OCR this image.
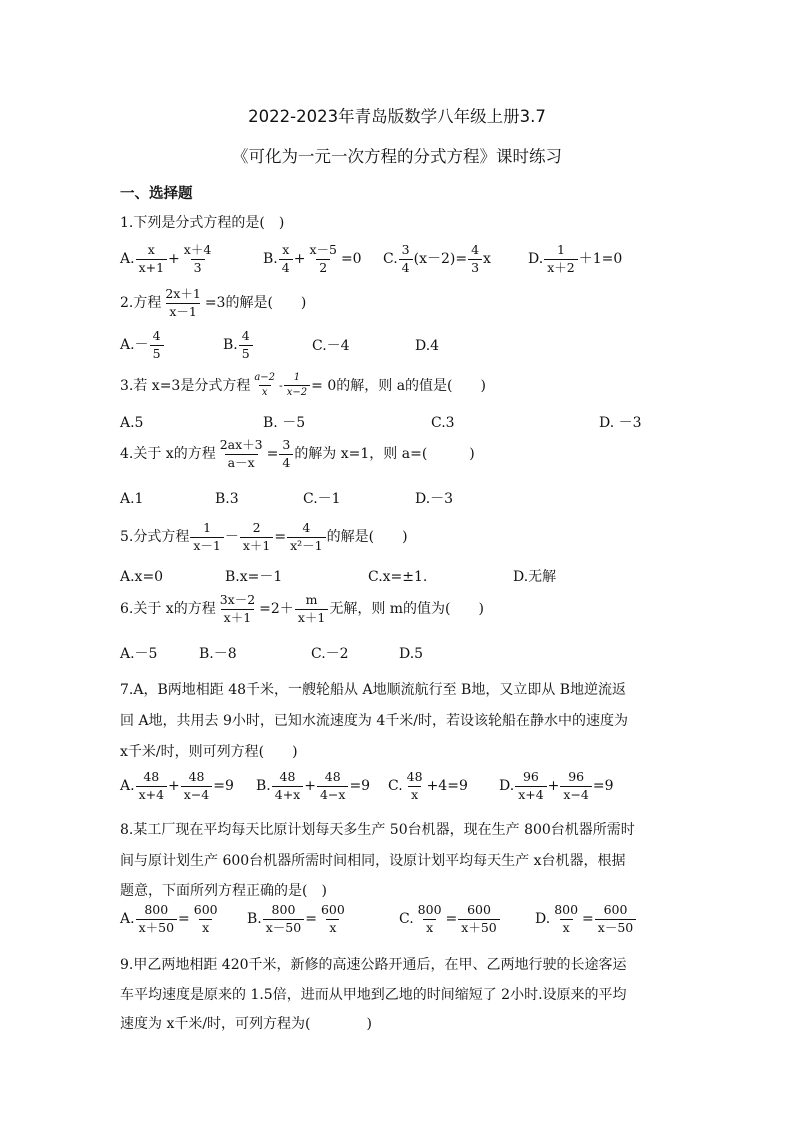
2022-2023年青岛版数学八年级上册3.7
《可化为一元一次方程的分式方程》课时练习
一、选择题
1.下列是分式方程的是(　)
A. $\frac{x}{x+1} + \frac{x+4}{3}$	B. $\frac{x}{4} + \frac{x-5}{2} =0$ C. $\frac{3}{4} (x-2)= \frac{4}{3}$ x	D. $\frac{1}{x+2} +1=0$
2.方程 $\frac{2x+1}{x-1} =3$的解是(　　)
$A.- \frac{4}{5}$	B. $\frac{4}{5}$	C.－4	D.4
3.若 x=3是分式方程 $\frac{a-2}{x} - \frac{1}{x-2} = 0$的解，则 a的值是(　　)
A.5	B. －5	C.3	D. －3
4.关于 x的方程 $\frac{2ax+3}{a-x} = \frac{3}{4}$ 的解为 x=1，则 a=(　　　)
A.1	B.3	C.－1	D.－3
5.分式方程 $\frac{1}{x-1} - \frac{2}{x+1} = \frac{4}{\text{x²－1}}$ 的解是(　　)
A.x=0	B.x=－1	C.x=±1.	D.无解
6.关于 x的方程 $\frac{3x-2}{x+1} =2+ \frac{m}{x+1}$ 无解，则 m的值为(　　)
A.－5	B.－8	C.－2	D.5
7.A，B两地相距 48千米，一艘轮船从 A地顺流航行至 B地，又立即从 B地逆流返
回 A地，共用去 9小时，已知水流速度为 4千米/时，若设该轮船在静水中的速度为
x千米/时，则可列方程(　　)
A. $\frac{48}{x+4} + \frac{48}{x-4} =9$ B. $\frac{48}{4+x} + \frac{48}{4-x} =9$ C. $\frac{48}{x} +4=9$ D. $\frac{96}{x+4} + \frac{96}{x-4} =9$
8.某工厂现在平均每天比原计划每天多生产 50台机器，现在生产 800台机器所需时
间与原计划生产 600台机器所需时间相同，设原计划平均每天生产 x台机器，根据
题意，下面所列方程正确的是(　)
A. $\frac{800}{x+50} = \frac{600}{x} B$. $\frac{800}{x-50} = \frac{600}{x}$	C. $\frac{800}{x} = \frac{600}{x+50}$	D. $\frac{800}{x} = \frac{600}{x-50}$
9.甲乙两地相距 420千米，新修的高速公路开通后，在甲、乙两地行驶的长途客运
车平均速度是原来的 1.5倍，进而从甲地到乙地的时间缩短了 2小时.设原来的平均
速度为 x千米/时，可列方程为(　　　　)
